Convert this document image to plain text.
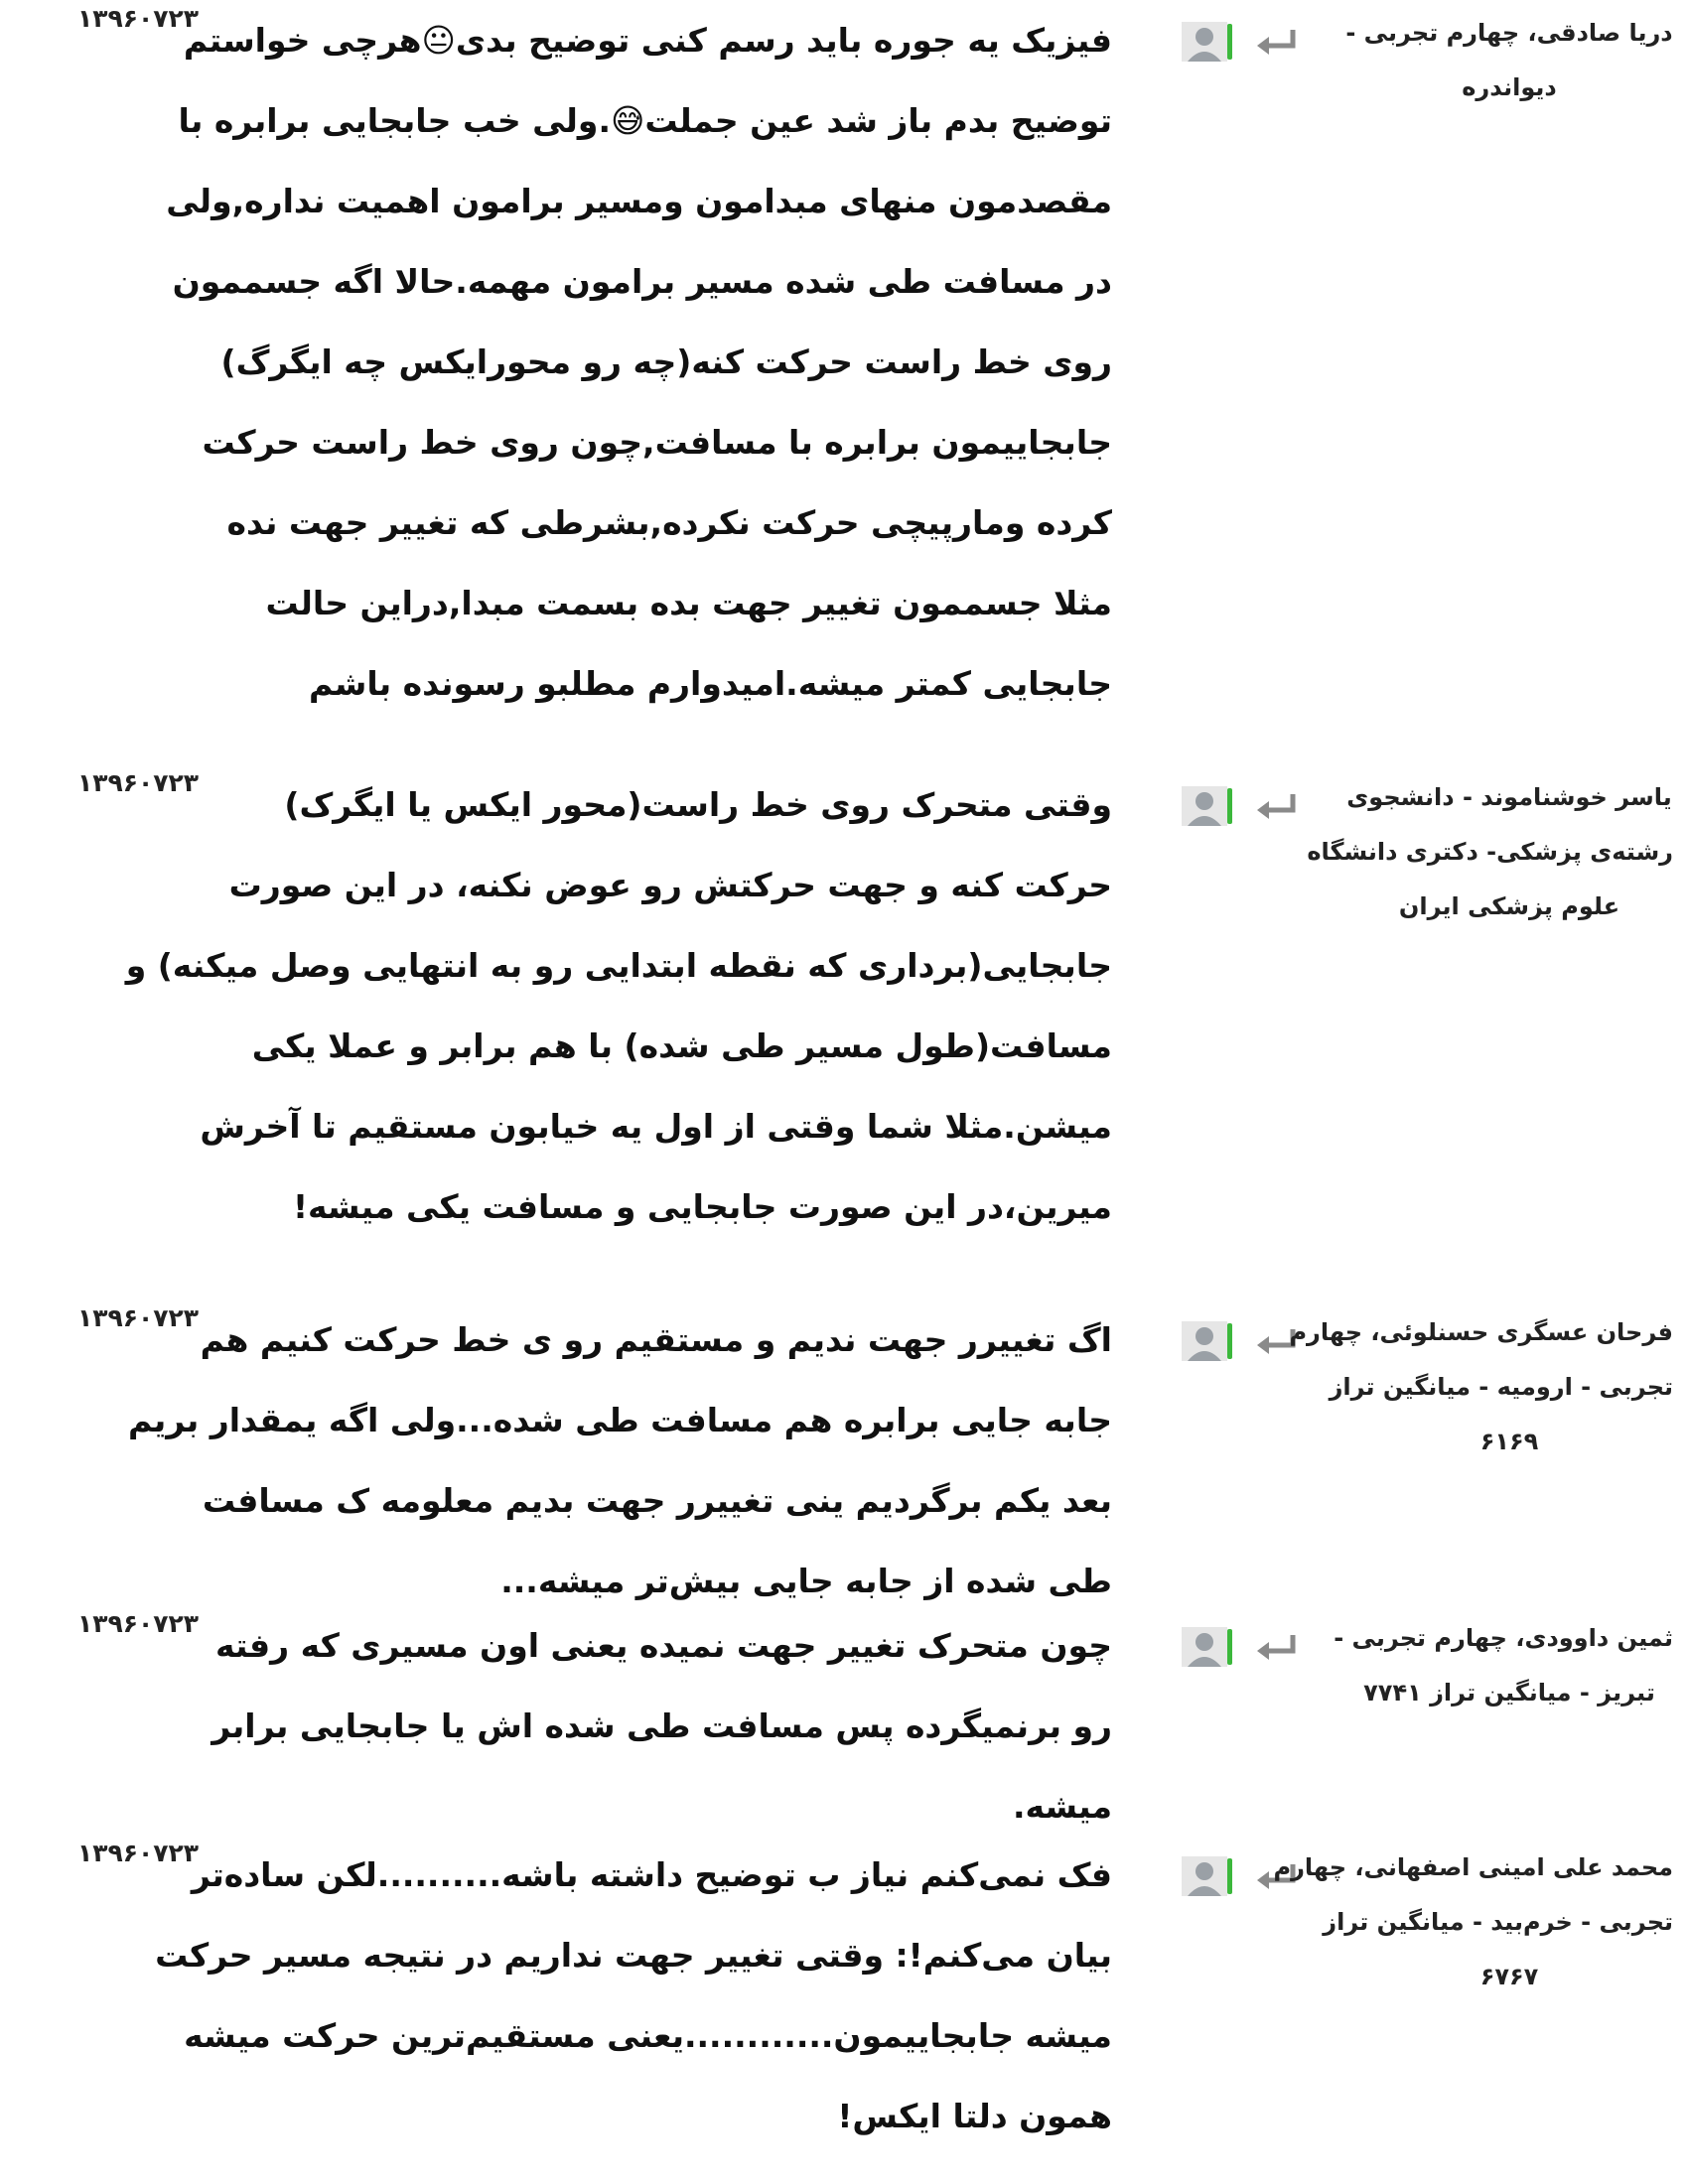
۱۳۹۶۰۷۲۳
فیزیک یه جوره باید رسم کنی توضیح بدی😐هرچی خواستم
توضیح بدم باز شد عین جملت😅.ولی خب جابجایی برابره با
مقصدمون منهای مبدامون ومسیر برامون اهمیت نداره,ولی
در مسافت طی شده مسیر برامون مهمه.حالا اگه جسممون
روی خط راست حرکت کنه(چه رو محورایکس چه ایگرگ)
جابجاییمون برابره با مسافت,چون روی خط راست حرکت
کرده ومارپیچی حرکت نکرده,بشرطی که تغییر جهت نده
مثلا جسممون تغییر جهت بده بسمت مبدا,دراین حالت
جابجایی کمتر میشه.امیدوارم مطلبو رسونده باشم
دریا صادقی، چهارم تجربی -
دیواندره
۱۳۹۶۰۷۲۳
وقتی متحرک روی خط راست(محور ایکس یا ایگرک)
حرکت کنه و جهت حرکتش رو عوض نکنه، در این صورت
جابجایی(برداری که نقطه ابتدایی رو به انتهایی وصل میکنه) و
مسافت(طول مسیر طی شده) با هم برابر و عملا یکی
میشن.مثلا شما وقتی از اول یه خیابون مستقیم تا آخرش
میرین،در این صورت جابجایی و مسافت یکی میشه!
یاسر خوشناموند - دانشجوی
رشته‌ی پزشکی- دکتری دانشگاه
علوم پزشکی ایران
۱۳۹۶۰۷۲۳
اگ تغییرر جهت ندیم و مستقیم رو ی خط حرکت کنیم هم
جابه جایی برابره هم مسافت طی شده...ولی اگه یمقدار بریم
بعد یکم برگردیم ینی تغییرر جهت بدیم معلومه ک مسافت
طی شده از جابه جایی بیش‌تر میشه...
فرحان عسگری حسنلوئی، چهارم
تجربی - ارومیه - میانگین تراز
۶۱۶۹
۱۳۹۶۰۷۲۳
چون متحرک تغییر جهت نمیده یعنی اون مسیری که رفته
رو برنمیگرده پس مسافت طی شده اش یا جابجایی برابر
میشه.
ثمین داوودی، چهارم تجربی -
تبریز - میانگین تراز ۷۷۴۱
۱۳۹۶۰۷۲۳
فک نمی‌کنم نیاز ب توضیح داشته باشه..........لکن ساده‌تر
بیان می‌کنم!: وقتی تغییر جهت نداریم در نتیجه مسیر حرکت
میشه جابجاییمون............یعنی مستقیم‌ترین حرکت میشه
همون دلتا ایکس!
محمد علی امینی اصفهانی، چهارم
تجربی - خرم‌بید - میانگین تراز
۶۷۶۷
